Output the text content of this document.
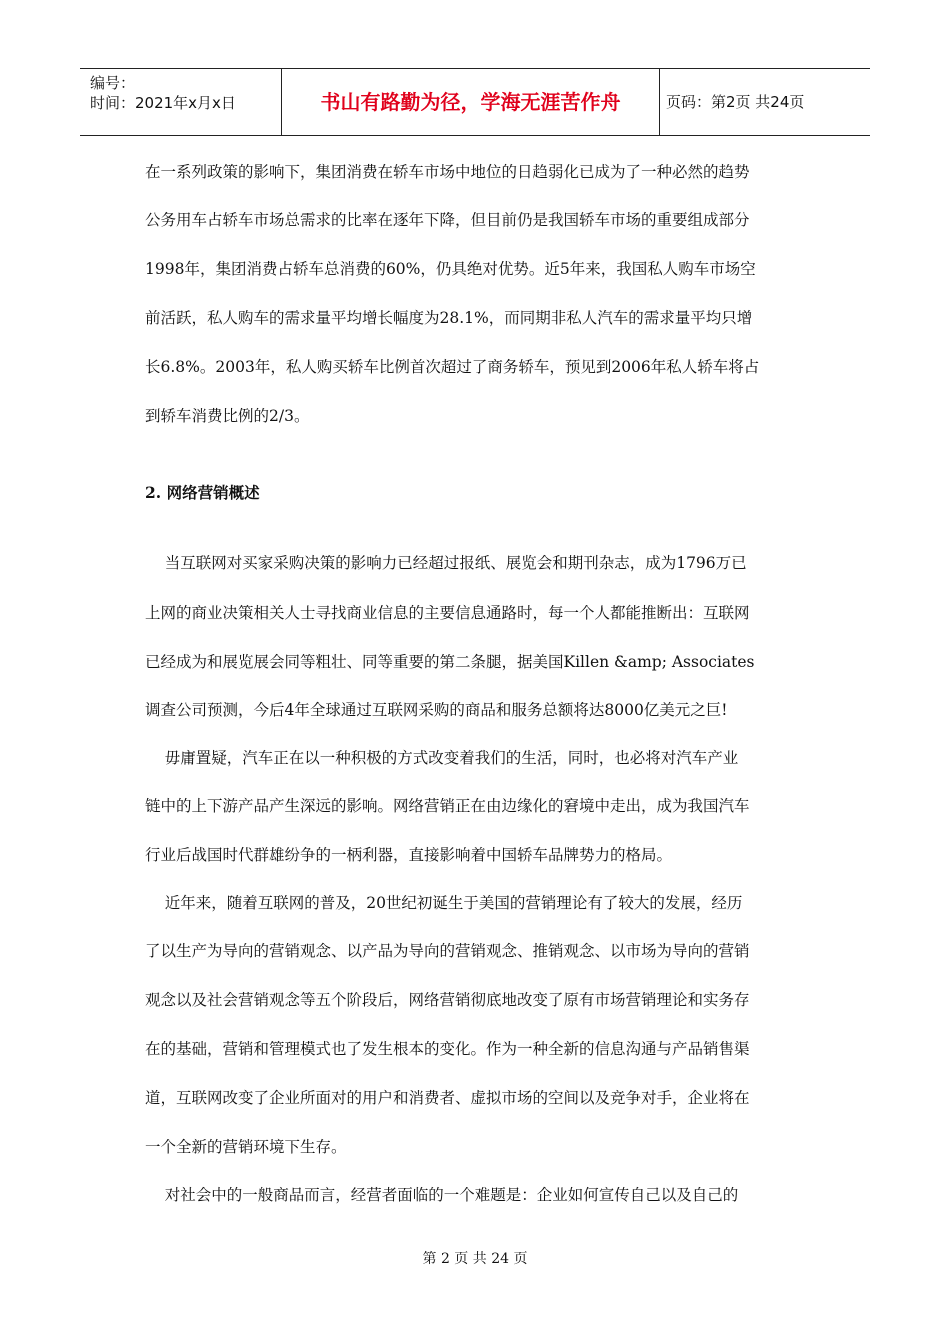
编号：
时间：2021年x月x日	书山有路勤为径，学海无涯苦作舟	页码：第2页 共24页
在一系列政策的影响下，集团消费在轿车市场中地位的日趋弱化已成为了一种必然的趋势
公务用车占轿车市场总需求的比率在逐年下降，但目前仍是我国轿车市场的重要组成部分
1998年，集团消费占轿车总消费的60%，仍具绝对优势。近5年来，我国私人购车市场空
前活跃，私人购车的需求量平均增长幅度为28.1%，而同期非私人汽车的需求量平均只增
长6.8%。2003年，私人购买轿车比例首次超过了商务轿车，预见到2006年私人轿车将占
到轿车消费比例的2/3。
2. 网络营销概述
当互联网对买家采购决策的影响力已经超过报纸、展览会和期刊杂志，成为1796万已
上网的商业决策相关人士寻找商业信息的主要信息通路时，每一个人都能推断出：互联网
已经成为和展览展会同等粗壮、同等重要的第二条腿，据美国Killen &amp; Associates
调查公司预测，今后4年全球通过互联网采购的商品和服务总额将达8000亿美元之巨!
毋庸置疑，汽车正在以一种积极的方式改变着我们的生活，同时，也必将对汽车产业
链中的上下游产品产生深远的影响。网络营销正在由边缘化的窘境中走出，成为我国汽车
行业后战国时代群雄纷争的一柄利器，直接影响着中国轿车品牌势力的格局。
近年来，随着互联网的普及，20世纪初诞生于美国的营销理论有了较大的发展，经历
了以生产为导向的营销观念、以产品为导向的营销观念、推销观念、以市场为导向的营销
观念以及社会营销观念等五个阶段后，网络营销彻底地改变了原有市场营销理论和实务存
在的基础，营销和管理模式也了发生根本的变化。作为一种全新的信息沟通与产品销售渠
道，互联网改变了企业所面对的用户和消费者、虚拟市场的空间以及竞争对手，企业将在
一个全新的营销环境下生存。
对社会中的一般商品而言，经营者面临的一个难题是：企业如何宣传自己以及自己的
第 2 页 共 24 页
